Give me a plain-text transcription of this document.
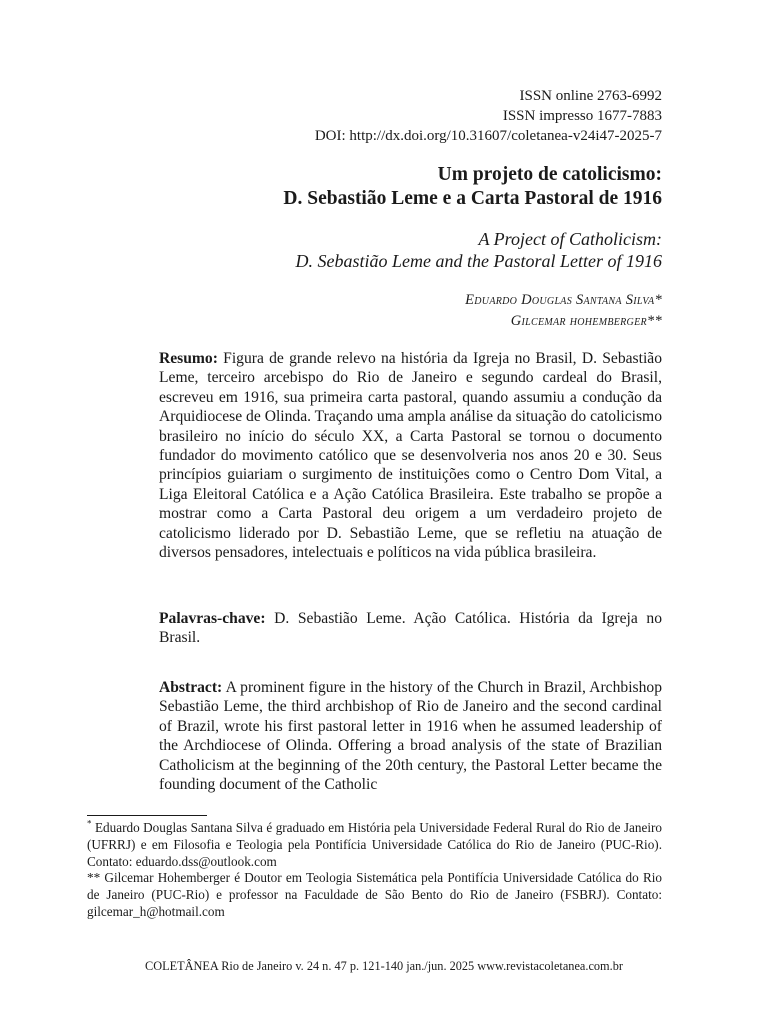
ISSN online 2763-6992
ISSN impresso 1677-7883
DOI: http://dx.doi.org/10.31607/coletanea-v24i47-2025-7
Um projeto de catolicismo:
D. Sebastião Leme e a Carta Pastoral de 1916
A Project of Catholicism:
D. Sebastião Leme and the Pastoral Letter of 1916
Eduardo Douglas Santana Silva*
Gilcemar hohemberger**
Resumo: Figura de grande relevo na história da Igreja no Brasil, D. Sebastião Leme, terceiro arcebispo do Rio de Janeiro e segundo cardeal do Brasil, escreveu em 1916, sua primeira carta pastoral, quando assumiu a condução da Arquidiocese de Olinda. Traçando uma ampla análise da situação do catolicismo brasileiro no início do século XX, a Carta Pastoral se tornou o documento fundador do movimento católico que se desenvolveria nos anos 20 e 30. Seus princípios guiariam o surgimento de instituições como o Centro Dom Vital, a Liga Eleitoral Católica e a Ação Católica Brasileira. Este trabalho se propõe a mostrar como a Carta Pastoral deu origem a um verdadeiro projeto de catolicismo liderado por D. Sebastião Leme, que se refletiu na atuação de diversos pensadores, intelectuais e políticos na vida pública brasileira.
Palavras-chave: D. Sebastião Leme. Ação Católica. História da Igreja no Brasil.
Abstract: A prominent figure in the history of the Church in Brazil, Archbishop Sebastião Leme, the third archbishop of Rio de Janeiro and the second cardinal of Brazil, wrote his first pastoral letter in 1916 when he assumed leadership of the Archdiocese of Olinda. Offering a broad analysis of the state of Brazilian Catholicism at the beginning of the 20th century, the Pastoral Letter became the founding document of the Catholic

* Eduardo Douglas Santana Silva é graduado em História pela Universidade Federal Rural do Rio de Janeiro (UFRRJ) e em Filosofia e Teologia pela Pontifícia Universidade Católica do Rio de Janeiro (PUC-Rio). Contato: eduardo.dss@outlook.com

** Gilcemar Hohemberger é Doutor em Teologia Sistemática pela Pontifícia Universidade Católica do Rio de Janeiro (PUC-Rio) e professor na Faculdade de São Bento do Rio de Janeiro (FSBRJ). Contato: gilcemar_h@hotmail.com

COLETÂNEA Rio de Janeiro v. 24 n. 47 p. 121-140 jan./jun. 2025 www.revistacoletanea.com.br
